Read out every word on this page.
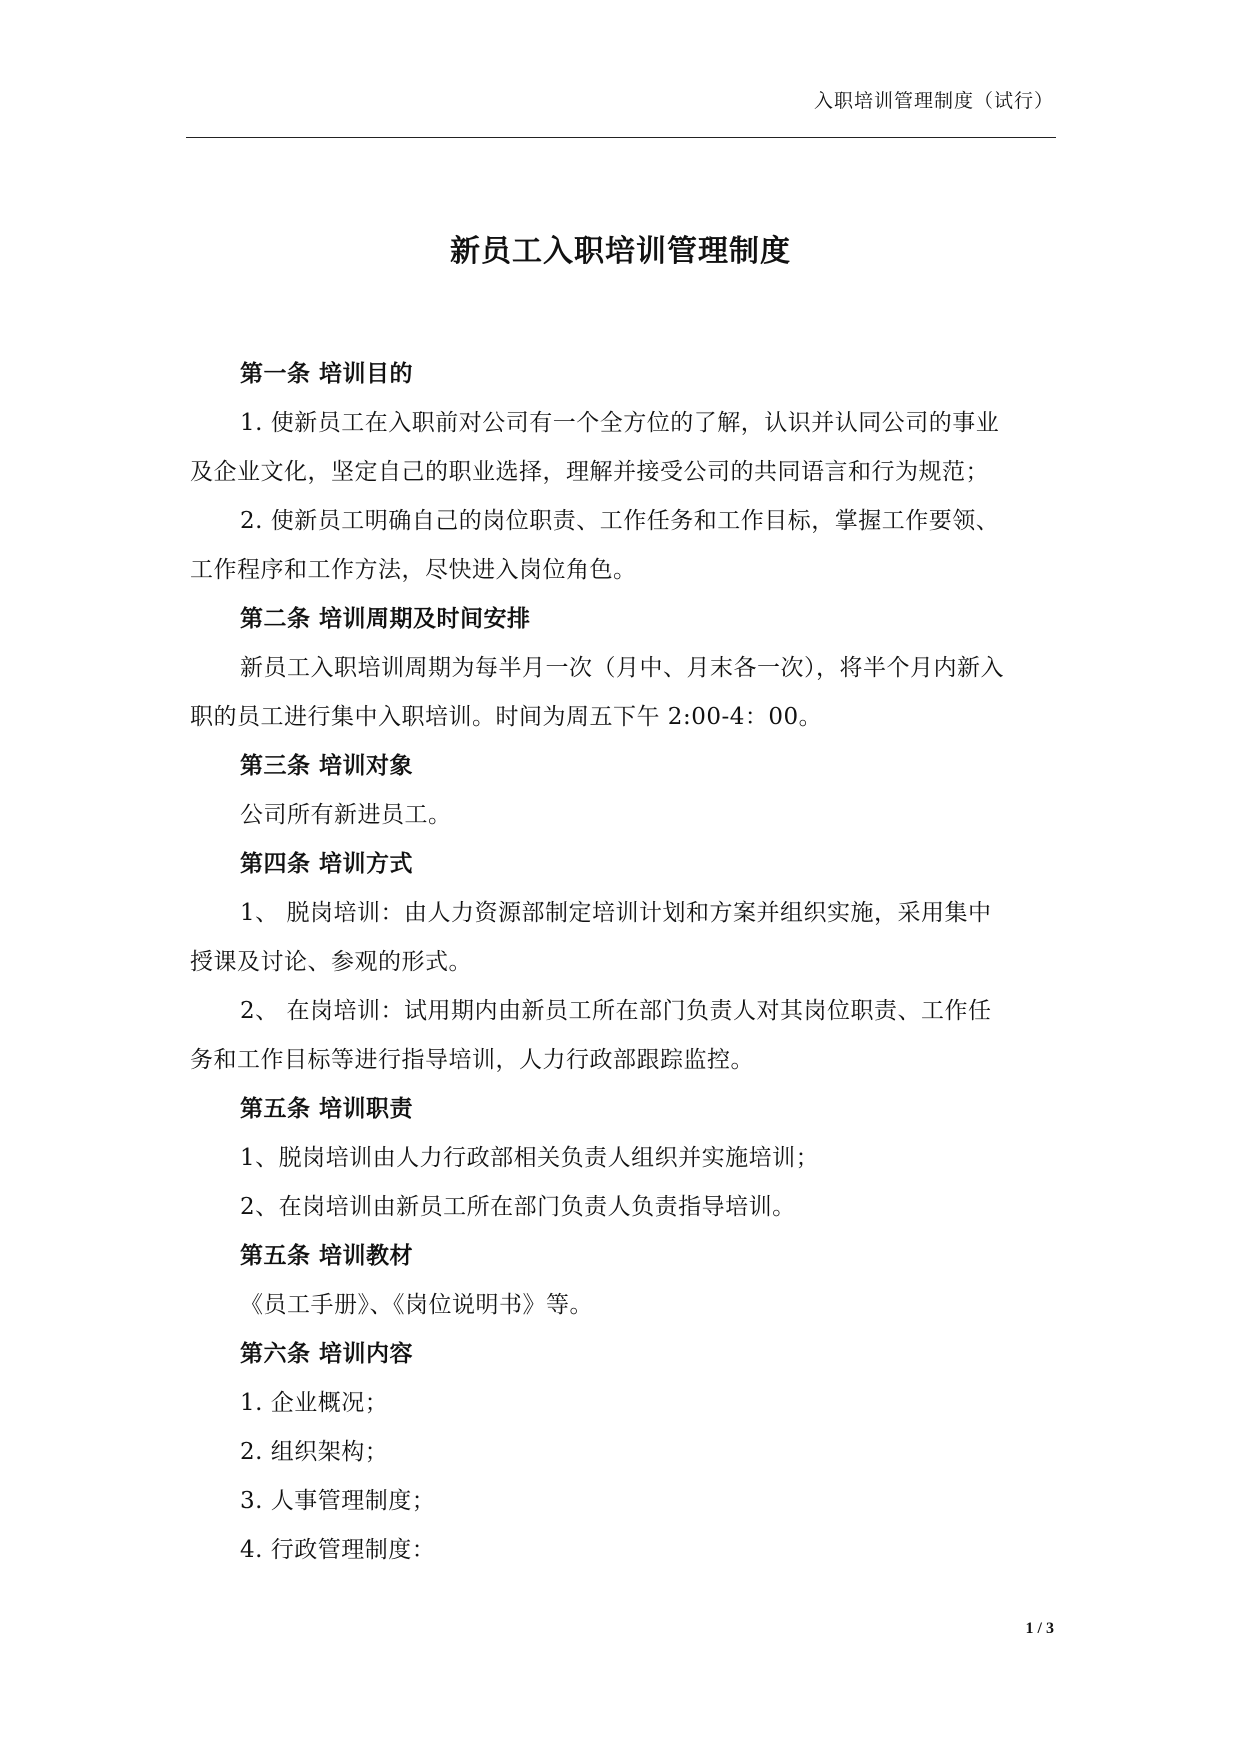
入职培训管理制度（试行）
新员工入职培训管理制度
第一条 培训目的
1. 使新员工在入职前对公司有一个全方位的了解，认识并认同公司的事业
及企业文化，坚定自己的职业选择，理解并接受公司的共同语言和行为规范；
2. 使新员工明确自己的岗位职责、工作任务和工作目标，掌握工作要领、
工作程序和工作方法，尽快进入岗位角色。
第二条 培训周期及时间安排
新员工入职培训周期为每半月一次（月中、月末各一次），将半个月内新入
职的员工进行集中入职培训。时间为周五下午 2:00-4：00。
第三条 培训对象
公司所有新进员工。
第四条 培训方式
1、 脱岗培训：由人力资源部制定培训计划和方案并组织实施，采用集中
授课及讨论、参观的形式。
2、 在岗培训：试用期内由新员工所在部门负责人对其岗位职责、工作任
务和工作目标等进行指导培训，人力行政部跟踪监控。
第五条 培训职责
1、脱岗培训由人力行政部相关负责人组织并实施培训；
2、在岗培训由新员工所在部门负责人负责指导培训。
第五条 培训教材
《员工手册》、《岗位说明书》等。
第六条 培训内容
1. 企业概况；
2. 组织架构；
3. 人事管理制度；
4. 行政管理制度：
1 / 3
